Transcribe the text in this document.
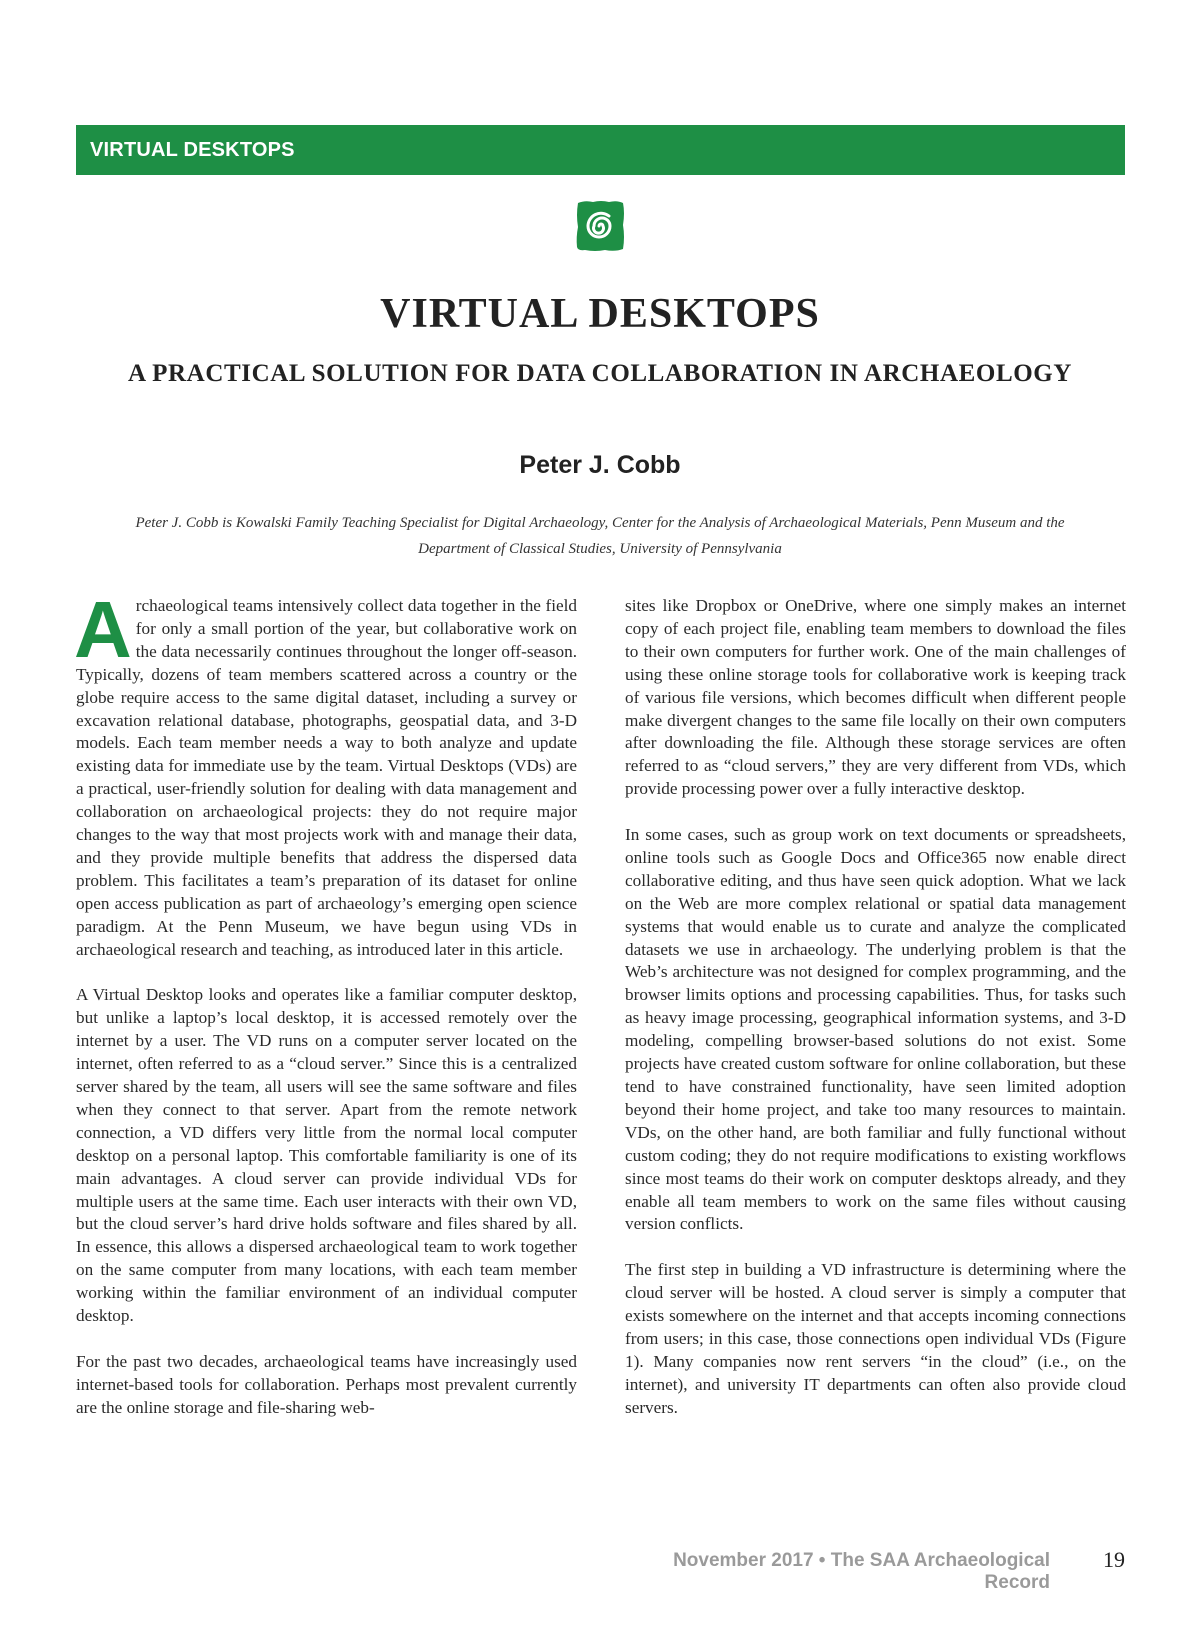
VIRTUAL DESKTOPS
VIRTUAL DESKTOPS
A PRACTICAL SOLUTION FOR DATA COLLABORATION IN ARCHAEOLOGY
Peter J. Cobb
Peter J. Cobb is Kowalski Family Teaching Specialist for Digital Archaeology, Center for the Analysis of Archaeological Materials, Penn Museum and the Department of Classical Studies, University of Pennsylvania

Archaeological teams intensively collect data together in the field for only a small portion of the year, but collaborative work on the data necessarily continues throughout the longer off-season. Typically, dozens of team members scattered across a country or the globe require access to the same digital dataset, including a survey or excavation relational database, photographs, geospatial data, and 3-D models. Each team member needs a way to both analyze and update existing data for immediate use by the team. Virtual Desktops (VDs) are a practical, user-friendly solution for dealing with data management and collaboration on archaeological projects: they do not require major changes to the way that most projects work with and manage their data, and they provide multiple benefits that address the dispersed data problem. This facilitates a team’s preparation of its dataset for online open access publication as part of archaeology’s emerging open science paradigm. At the Penn Museum, we have begun using VDs in archaeological research and teaching, as introduced later in this article.

A Virtual Desktop looks and operates like a familiar computer desktop, but unlike a laptop’s local desktop, it is accessed remotely over the internet by a user. The VD runs on a computer server located on the internet, often referred to as a “cloud server.” Since this is a centralized server shared by the team, all users will see the same software and files when they connect to that server. Apart from the remote network connection, a VD differs very little from the normal local computer desktop on a personal laptop. This comfortable familiarity is one of its main advantages. A cloud server can provide individual VDs for multiple users at the same time. Each user interacts with their own VD, but the cloud server’s hard drive holds software and files shared by all. In essence, this allows a dispersed archaeological team to work together on the same computer from many locations, with each team member working within the familiar environment of an individual computer desktop.

For the past two decades, archaeological teams have increasingly used internet-based tools for collaboration. Perhaps most prevalent currently are the online storage and file-sharing web-

sites like Dropbox or OneDrive, where one simply makes an internet copy of each project file, enabling team members to download the files to their own computers for further work. One of the main challenges of using these online storage tools for collaborative work is keeping track of various file versions, which becomes difficult when different people make divergent changes to the same file locally on their own computers after downloading the file. Although these storage services are often referred to as “cloud servers,” they are very different from VDs, which provide processing power over a fully interactive desktop.

In some cases, such as group work on text documents or spreadsheets, online tools such as Google Docs and Office365 now enable direct collaborative editing, and thus have seen quick adoption. What we lack on the Web are more complex relational or spatial data management systems that would enable us to curate and analyze the complicated datasets we use in archaeology. The underlying problem is that the Web’s architecture was not designed for complex programming, and the browser limits options and processing capabilities. Thus, for tasks such as heavy image processing, geographical information systems, and 3-D modeling, compelling browser-based solutions do not exist. Some projects have created custom software for online collaboration, but these tend to have constrained functionality, have seen limited adoption beyond their home project, and take too many resources to maintain. VDs, on the other hand, are both familiar and fully functional without custom coding; they do not require modifications to existing workflows since most teams do their work on computer desktops already, and they enable all team members to work on the same files without causing version conflicts.

The first step in building a VD infrastructure is determining where the cloud server will be hosted. A cloud server is simply a computer that exists somewhere on the internet and that accepts incoming connections from users; in this case, those connections open individual VDs (Figure 1). Many companies now rent servers “in the cloud” (i.e., on the internet), and university IT departments can often also provide cloud servers.

November 2017 • The SAA Archaeological Record
19
